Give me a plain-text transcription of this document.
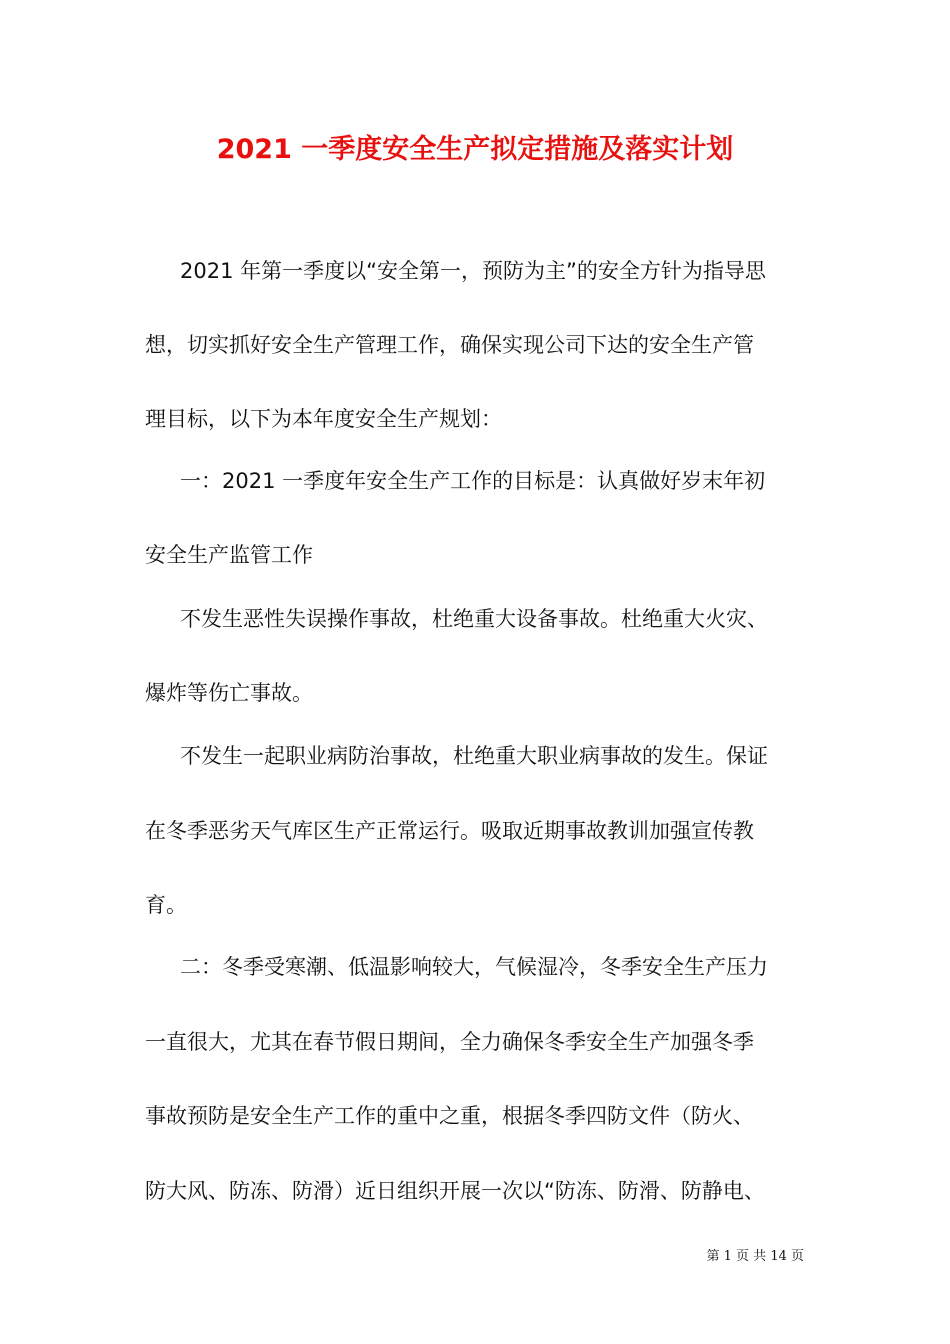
2021 一季度安全生产拟定措施及落实计划
2021 年第一季度以“安全第一，预防为主”的安全方针为指导思
想，切实抓好安全生产管理工作，确保实现公司下达的安全生产管
理目标，以下为本年度安全生产规划：
一：2021 一季度年安全生产工作的目标是：认真做好岁末年初
安全生产监管工作
不发生恶性失误操作事故，杜绝重大设备事故。杜绝重大火灾、
爆炸等伤亡事故。
不发生一起职业病防治事故，杜绝重大职业病事故的发生。保证
在冬季恶劣天气库区生产正常运行。吸取近期事故教训加强宣传教
育。
二：冬季受寒潮、低温影响较大，气候湿冷，冬季安全生产压力
一直很大，尤其在春节假日期间，全力确保冬季安全生产加强冬季
事故预防是安全生产工作的重中之重，根据冬季四防文件（防火、
防大风、防冻、防滑）近日组织开展一次以“防冻、防滑、防静电、
第 1 页 共 14 页
